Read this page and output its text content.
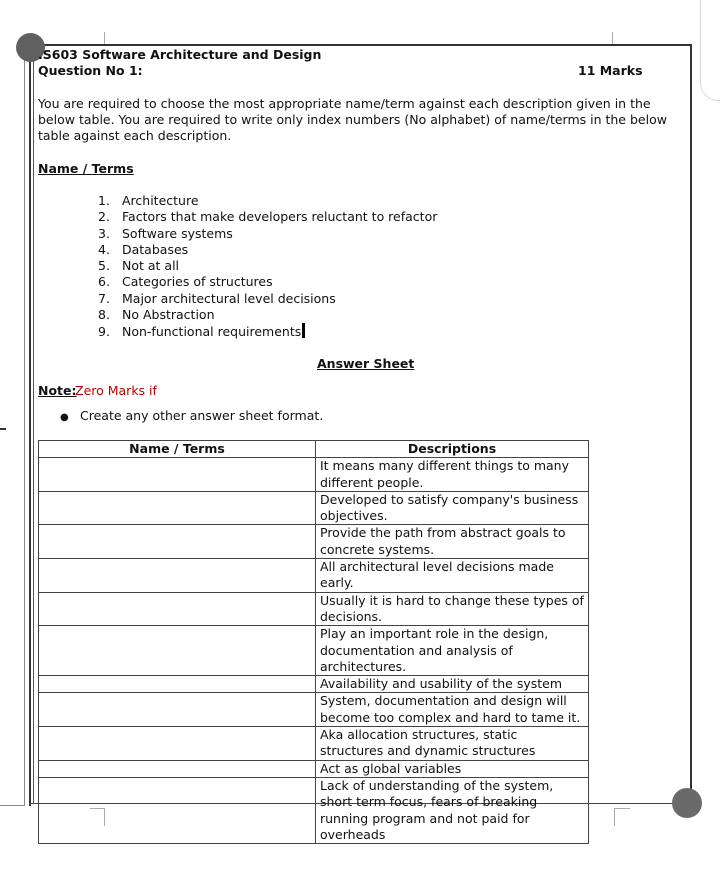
.S603 Software Architecture and Design
Question No 1:	11 Marks
You are required to choose the most appropriate name/term against each description given in the below table. You are required to write only index numbers (No alphabet) of name/terms in the below table against each description.
Name / Terms
1. Architecture
2. Factors that make developers reluctant to refactor
3. Software systems
4. Databases
5. Not at all
6. Categories of structures
7. Major architectural level decisions
8. No Abstraction
9. Non-functional requirements
Answer Sheet
Note:
Zero Marks if
● Create any other answer sheet format.
Name / Terms	Descriptions
	It means many different things to many different people.
	Developed to satisfy company's business objectives.
	Provide the path from abstract goals to concrete systems.
	All architectural level decisions made early.
	Usually it is hard to change these types of decisions.
	Play an important role in the design, documentation and analysis of architectures.
	Availability and usability of the system
	System, documentation and design will become too complex and hard to tame it.
	Aka allocation structures, static structures and dynamic structures
	Act as global variables
	Lack of understanding of the system, short term focus, fears of breaking running program and not paid for overheads
